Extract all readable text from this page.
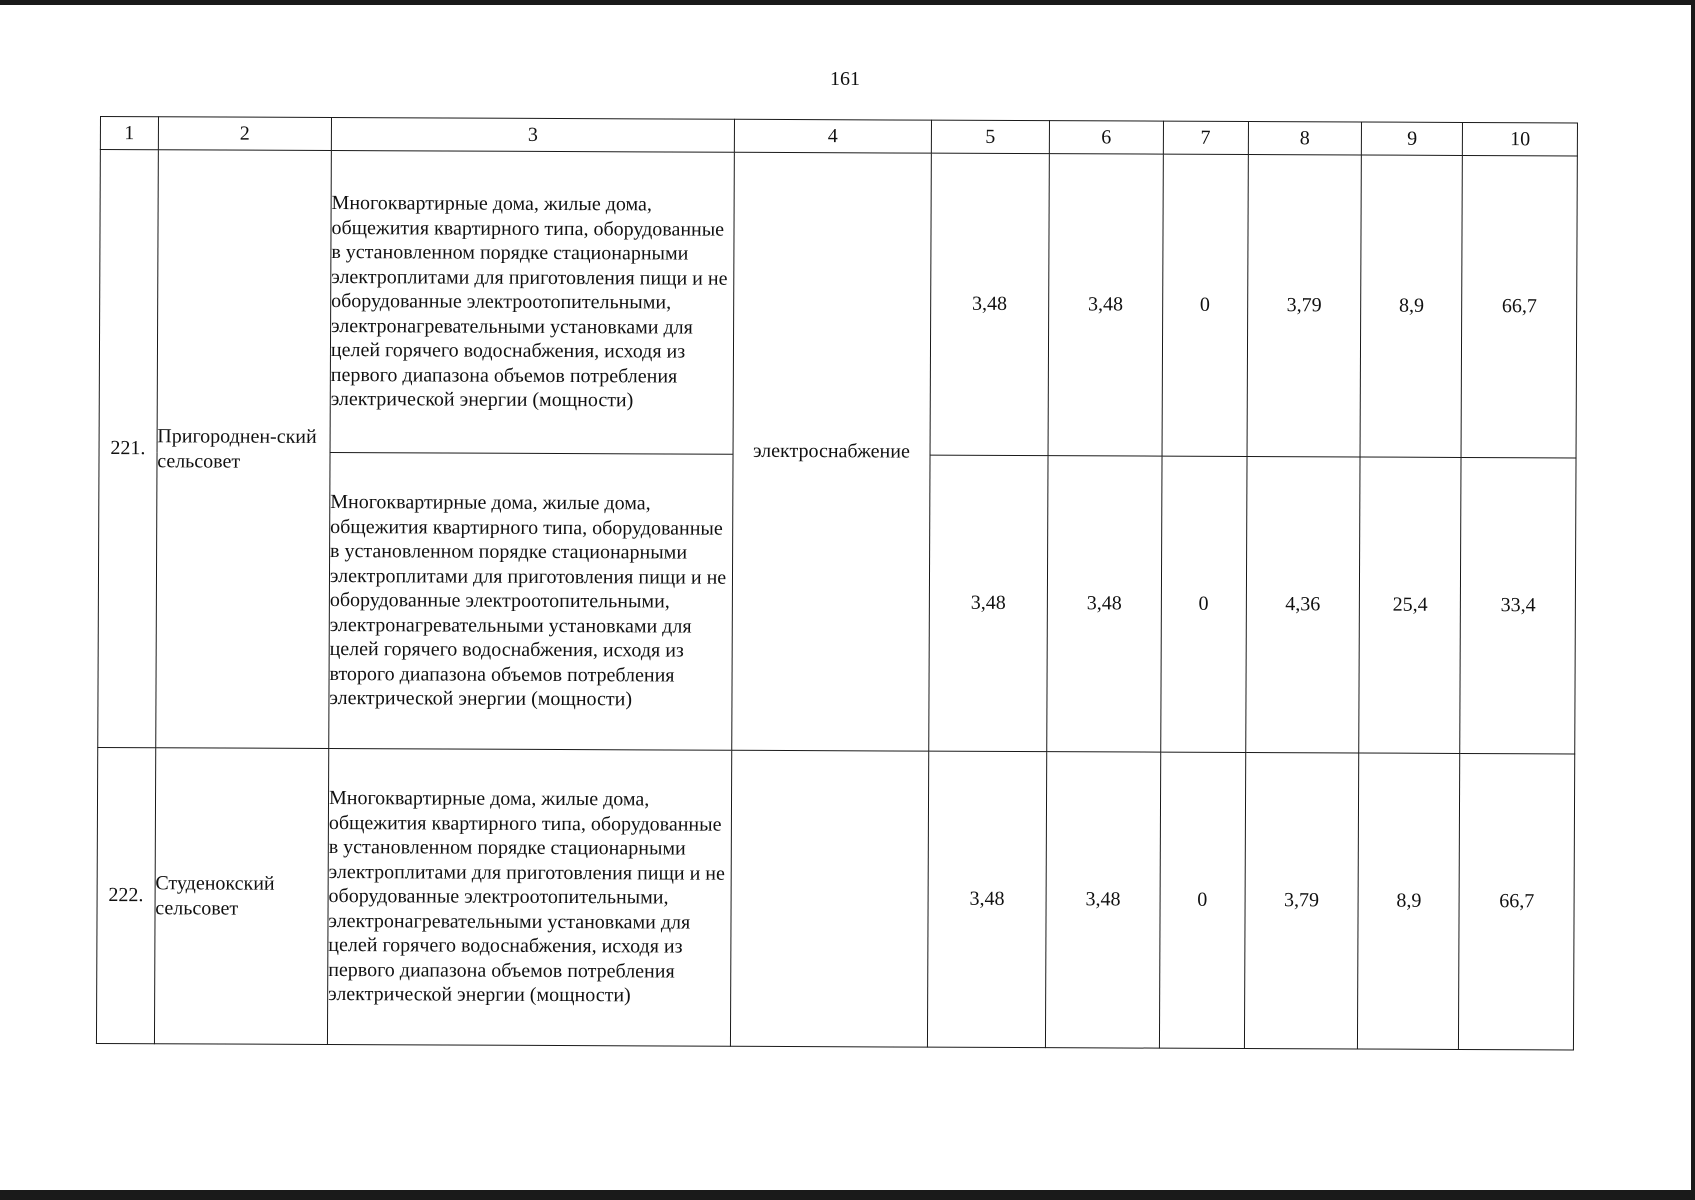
161
1	2	3	4	5	6	7	8	9	10
221.	Пригороднен-ский сельсовет	Многоквартирные дома, жилые дома, общежития квартирного типа, оборудованные в установленном порядке стационарными электроплитами для приготовления пищи и не оборудованные электроотопительными, электронагревательными установками для целей горячего водоснабжения, исходя из первого диапазона объемов потребления электрической энергии (мощности)	электроснабжение	3,48	3,48	0	3,79	8,9	66,7
		Многоквартирные дома, жилые дома, общежития квартирного типа, оборудованные в установленном порядке стационарными электроплитами для приготовления пищи и не оборудованные электроотопительными, электронагревательными установками для целей горячего водоснабжения, исходя из второго диапазона объемов потребления электрической энергии (мощности)		3,48	3,48	0	4,36	25,4	33,4
222.	Студенокский сельсовет	Многоквартирные дома, жилые дома, общежития квартирного типа, оборудованные в установленном порядке стационарными электроплитами для приготовления пищи и не оборудованные электроотопительными, электронагревательными установками для целей горячего водоснабжения, исходя из первого диапазона объемов потребления электрической энергии (мощности)		3,48	3,48	0	3,79	8,9	66,7
